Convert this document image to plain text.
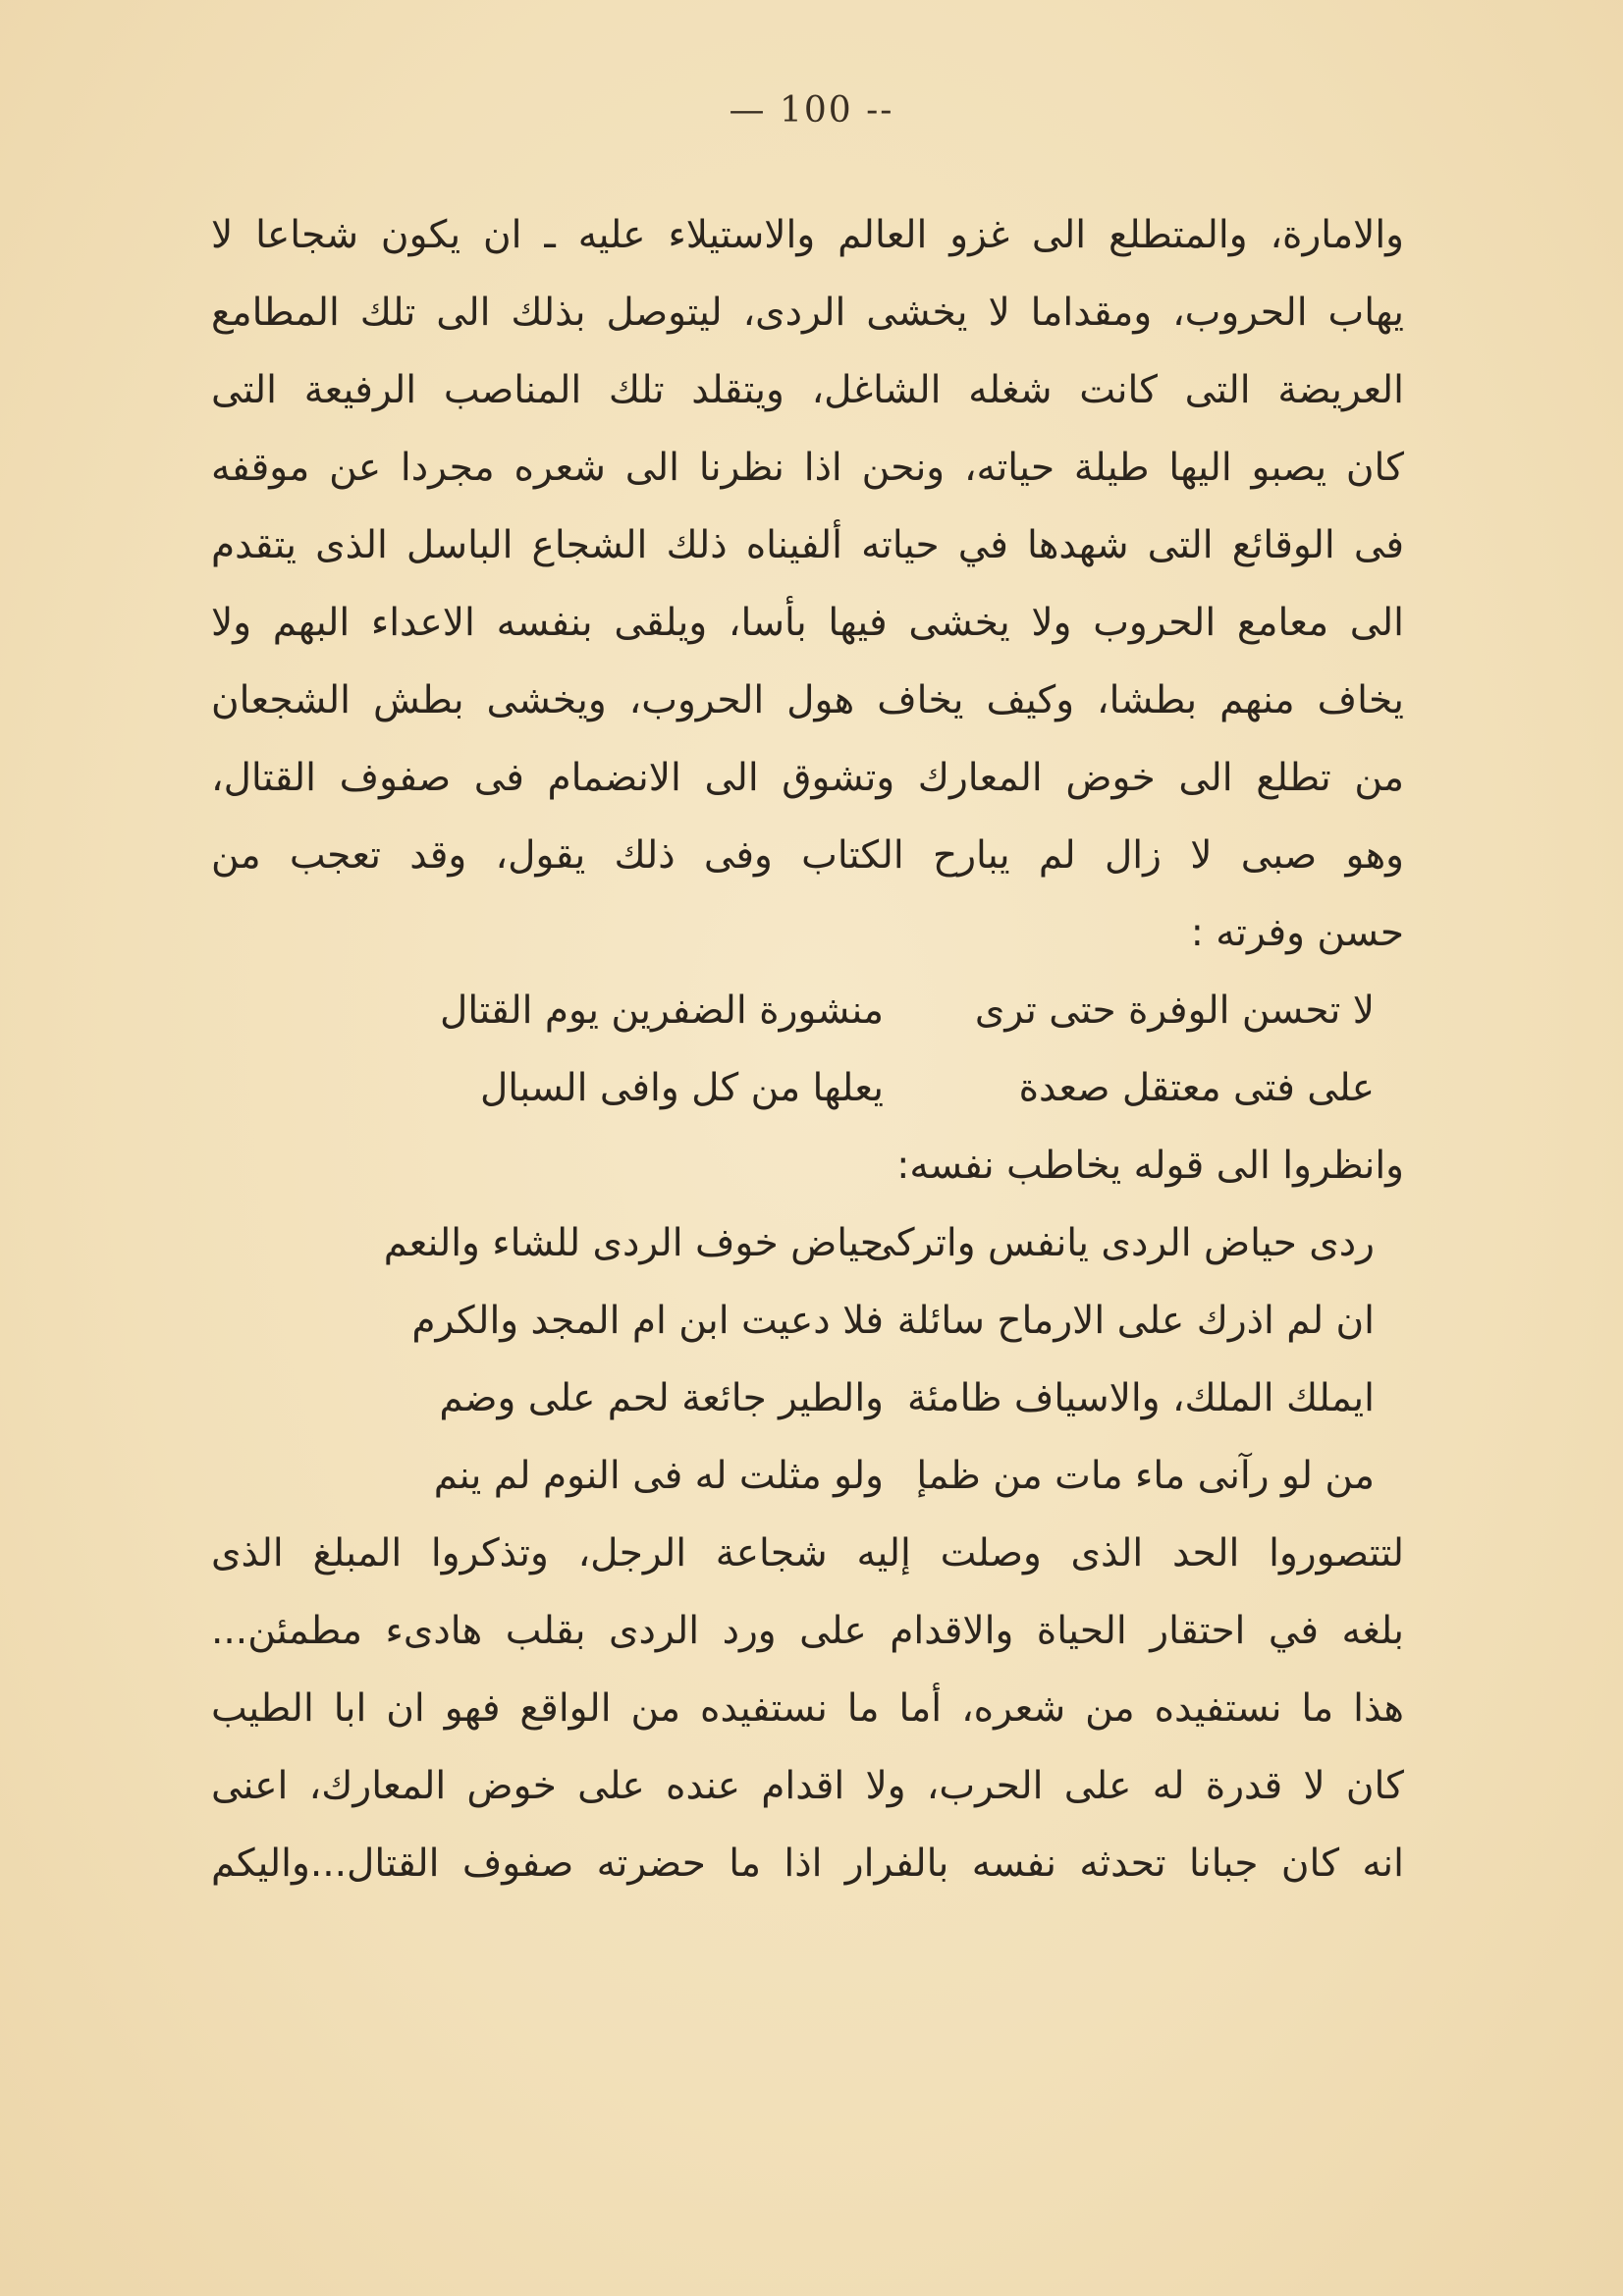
— 100 --
والامارة، والمتطلع الى غزو العالم والاستيلاء عليه ـ ان يكون شجاعا لا
يهاب الحروب، ومقداما لا يخشى الردى، ليتوصل بذلك الى تلك المطامع
العريضة التى كانت شغله الشاغل، ويتقلد تلك المناصب الرفيعة التى
كان يصبو اليها طيلة حياته، ونحن اذا نظرنا الى شعره مجردا عن موقفه
فى الوقائع التى شهدها في حياته ألفيناه ذلك الشجاع الباسل الذى يتقدم
الى معامع الحروب ولا يخشى فيها بأسا، ويلقى بنفسه الاعداء البهم ولا
يخاف منهم بطشا، وكيف يخاف هول الحروب، ويخشى بطش الشجعان
من تطلع الى خوض المعارك وتشوق الى الانضمام فى صفوف القتال،
وهو صبى لا زال لم يبارح الكتاب وفى ذلك يقول، وقد تعجب من
حسن وفرته :
لا تحسن الوفرة حتى ترى
منشورة الضفرين يوم القتال
على فتى معتقل صعدة
يعلها من كل وافى السبال
وانظروا الى قوله يخاطب نفسه:
ردى حياض الردى يانفس واتركى
حياض خوف الردى للشاء والنعم
ان لم اذرك على الارماح سائلة
فلا دعيت ابن ام المجد والكرم
ايملك الملك، والاسياف ظامئة
والطير جائعة لحم على وضم
من لو رآنى ماء مات من ظمإ
ولو مثلت له فى النوم لم ينم
لتتصوروا الحد الذى وصلت إليه شجاعة الرجل، وتذكروا المبلغ الذى
بلغه في احتقار الحياة والاقدام على ورد الردى بقلب هادىء مطمئن...
هذا ما نستفيده من شعره، أما ما نستفيده من الواقع فهو ان ابا الطيب
كان لا قدرة له على الحرب، ولا اقدام عنده على خوض المعارك، اعنى
انه كان جبانا تحدثه نفسه بالفرار اذا ما حضرته صفوف القتال...واليكم
